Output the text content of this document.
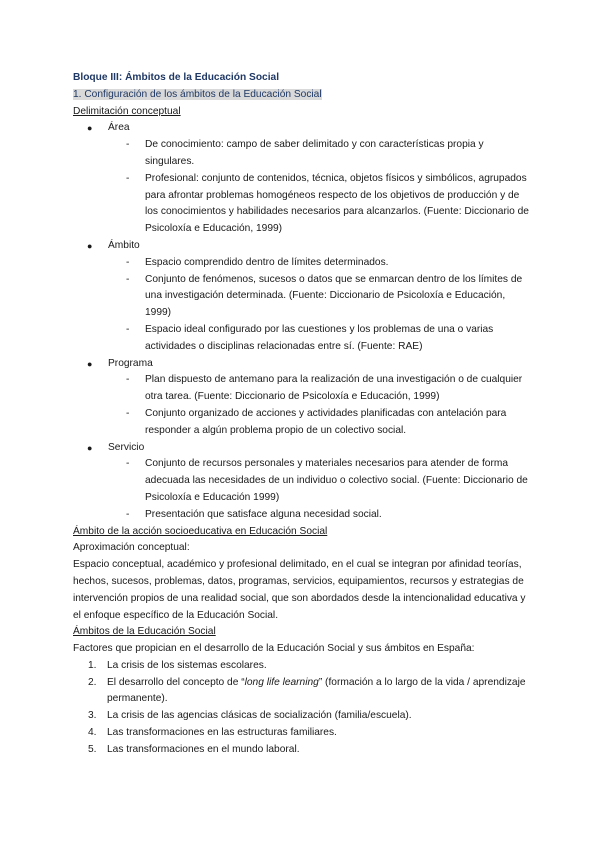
Bloque III: Ámbitos de la Educación Social
1. Configuración de los ámbitos de la Educación Social
Delimitación conceptual
● Área
- De conocimiento: campo de saber delimitado y con características propia y singulares.
- Profesional: conjunto de contenidos, técnica, objetos físicos y simbólicos, agrupados para afrontar problemas homogéneos respecto de los objetivos de producción y de los conocimientos y habilidades necesarios para alcanzarlos. (Fuente: Diccionario de Psicoloxía e Educación, 1999)
● Ámbito
- Espacio comprendido dentro de límites determinados.
- Conjunto de fenómenos, sucesos o datos que se enmarcan dentro de los límites de una investigación determinada. (Fuente: Diccionario de Psicoloxía e Educación, 1999)
- Espacio ideal configurado por las cuestiones y los problemas de una o varias actividades o disciplinas relacionadas entre sí. (Fuente: RAE)
● Programa
- Plan dispuesto de antemano para la realización de una investigación o de cualquier otra tarea. (Fuente: Diccionario de Psicoloxía e Educación, 1999)
- Conjunto organizado de acciones y actividades planificadas con antelación para responder a algún problema propio de un colectivo social.
● Servicio
- Conjunto de recursos personales y materiales necesarios para atender de forma adecuada las necesidades de un individuo o colectivo social. (Fuente: Diccionario de Psicoloxía e Educación 1999)
- Presentación que satisface alguna necesidad social.
Ámbito de la acción socioeducativa en Educación Social
Aproximación conceptual:
Espacio conceptual, académico y profesional delimitado, en el cual se integran por afinidad teorías, hechos, sucesos, problemas, datos, programas, servicios, equipamientos, recursos y estrategias de intervención propios de una realidad social, que son abordados desde la intencionalidad educativa y el enfoque específico de la Educación Social.
Ámbitos de la Educación Social
Factores que propician en el desarrollo de la Educación Social y sus ámbitos en España:
1. La crisis de los sistemas escolares.
2. El desarrollo del concepto de “long life learning” (formación a lo largo de la vida / aprendizaje permanente).
3. La crisis de las agencias clásicas de socialización (familia/escuela).
4. Las transformaciones en las estructuras familiares.
5. Las transformaciones en el mundo laboral.
